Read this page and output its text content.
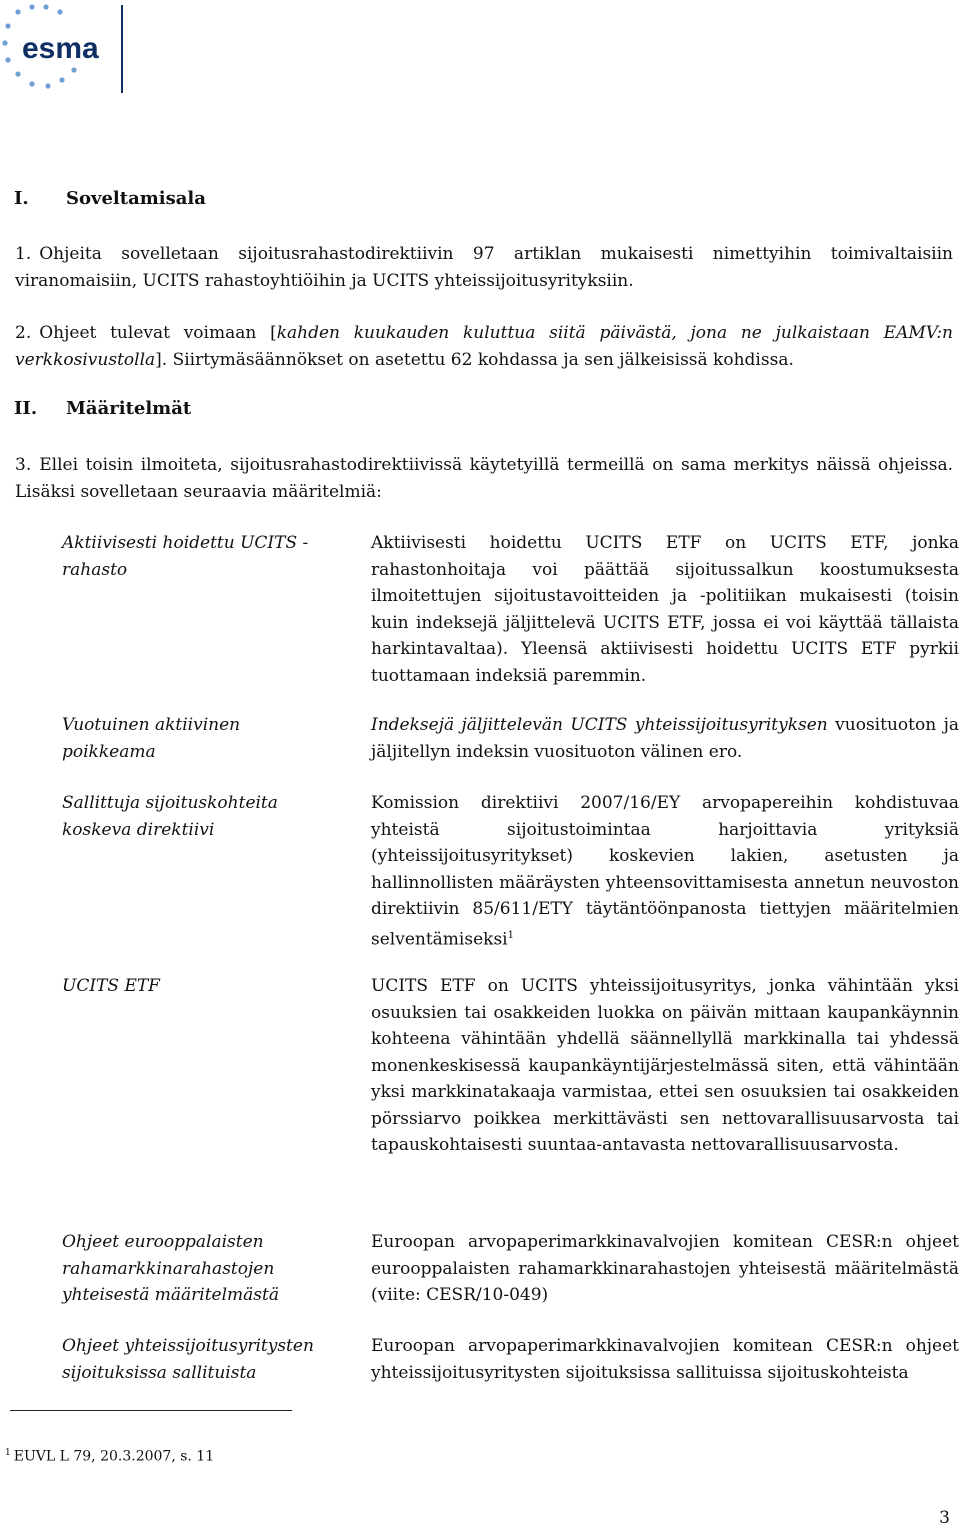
esma
I. Soveltamisala
1. Ohjeita sovelletaan sijoitusrahastodirektiivin 97 artiklan mukaisesti nimettyihin toimivaltaisiin viranomaisiin, UCITS rahastoyhtiöihin ja UCITS yhteissijoitusyrityksiin.
2. Ohjeet tulevat voimaan [kahden kuukauden kuluttua siitä päivästä, jona ne julkaistaan EAMV:n verkkosivustolla]. Siirtymäsäännökset on asetettu 62 kohdassa ja sen jälkeisissä kohdissa.
II. Määritelmät
3. Ellei toisin ilmoiteta, sijoitusrahastodirektiivissä käytetyillä termeillä on sama merkitys näissä ohjeissa. Lisäksi sovelletaan seuraavia määritelmiä:
Aktiivisesti hoidettu UCITS -rahasto
Aktiivisesti hoidettu UCITS ETF on UCITS ETF, jonka rahastonhoitaja voi päättää sijoitussalkun koostumuksesta ilmoitettujen sijoitustavoitteiden ja -politiikan mukaisesti (toisin kuin indeksejä jäljittelevä UCITS ETF, jossa ei voi käyttää tällaista harkintavaltaa). Yleensä aktiivisesti hoidettu UCITS ETF pyrkii tuottamaan indeksiä paremmin.
Vuotuinen aktiivinen poikkeama
Indeksejä jäljittelevän UCITS yhteissijoitusyrityksen vuosituoton ja jäljitellyn indeksin vuosituoton välinen ero.
Sallittuja sijoituskohteita koskeva direktiivi
Komission direktiivi 2007/16/EY arvopapereihin kohdistuvaa yhteistä sijoitustoimintaa harjoittavia yrityksiä (yhteissijoitusyritykset) koskevien lakien, asetusten ja hallinnollisten määräysten yhteensovittamisesta annetun neuvoston direktiivin 85/611/ETY täytäntöönpanosta tiettyjen määritelmien selventämiseksi$^1$
UCITS ETF	UCITS ETF on UCITS yhteissijoitusyritys, jonka vähintään yksi osuuksien tai osakkeiden luokka on päivän mittaan kaupankäynnin kohteena vähintään yhdellä säännellyllä markkinalla tai yhdessä monenkeskisessä kaupankäyntijärjestelmässä siten, että vähintään yksi markkinatakaaja varmistaa, ettei sen osuuksien tai osakkeiden pörssiarvo poikkea merkittävästi sen nettovarallisuusarvosta tai tapauskohtaisesti suuntaa-antavasta nettovarallisuusarvosta.
Ohjeet eurooppalaisten rahamarkkinarahastojen yhteisestä määritelmästä
Euroopan arvopaperimarkkinavalvojien komitean CESR:n ohjeet eurooppalaisten rahamarkkinarahastojen yhteisestä määritelmästä (viite: CESR/10-049)
Ohjeet yhteissijoitusyritysten sijoituksissa sallituista
Euroopan arvopaperimarkkinavalvojien komitean CESR:n ohjeet yhteissijoitusyritysten sijoituksissa sallituissa sijoituskohteista
$^1$ EUVL L 79, 20.3.2007, s. 11
3
